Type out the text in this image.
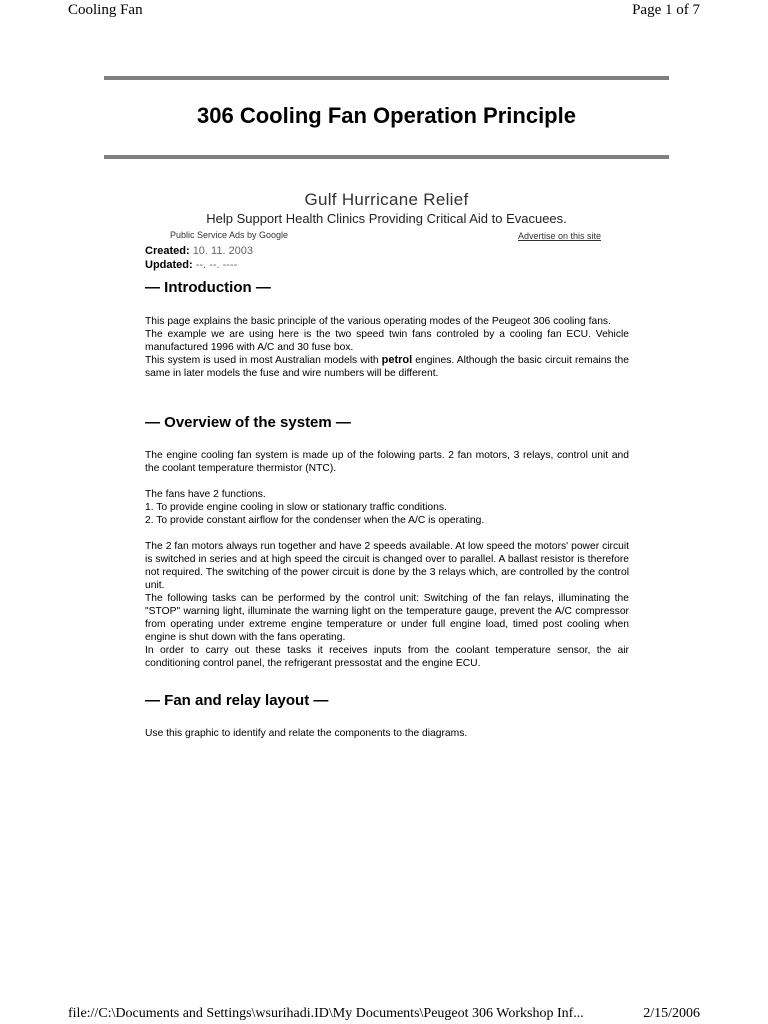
Cooling Fan	Page 1 of 7
306 Cooling Fan Operation Principle
Gulf Hurricane Relief
Help Support Health Clinics Providing Critical Aid to Evacuees.
Public Service Ads by Google	Advertise on this site
Created: 10. 11. 2003
Updated: --. --. ----
— Introduction —

This page explains the basic principle of the various operating modes of the Peugeot 306 cooling fans.

The example we are using here is the two speed twin fans controled by a cooling fan ECU. Vehicle manufactured 1996 with A/C and 30 fuse box.

This system is used in most Australian models with petrol engines. Although the basic circuit remains the same in later models the fuse and wire numbers will be different.

— Overview of the system —

The engine cooling fan system is made up of the folowing parts. 2 fan motors, 3 relays, control unit and the coolant temperature thermistor (NTC).

The fans have 2 functions.

1. To provide engine cooling in slow or stationary traffic conditions.

2. To provide constant airflow for the condenser when the A/C is operating.

The 2 fan motors always run together and have 2 speeds available. At low speed the motors' power circuit is switched in series and at high speed the circuit is changed over to parallel. A ballast resistor is therefore not required. The switching of the power circuit is done by the 3 relays which, are controlled by the control unit.

The following tasks can be performed by the control unit: Switching of the fan relays, illuminating the "STOP" warning light, illuminate the warning light on the temperature gauge, prevent the A/C compressor from operating under extreme engine temperature or under full engine load, timed post cooling when engine is shut down with the fans operating.

In order to carry out these tasks it receives inputs from the coolant temperature sensor, the air conditioning control panel, the refrigerant pressostat and the engine ECU.

— Fan and relay layout —

Use this graphic to identify and relate the components to the diagrams.

file://C:\Documents and Settings\wsurihadi.ID\My Documents\Peugeot 306 Workshop Inf...	2/15/2006
